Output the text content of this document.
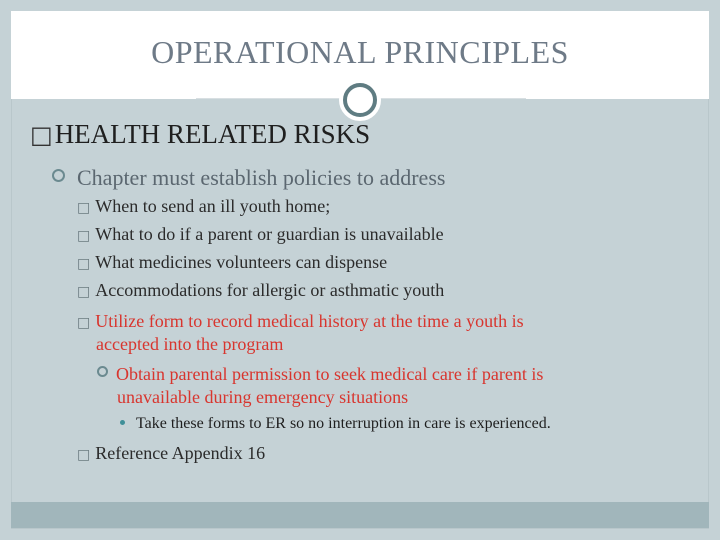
OPERATIONAL PRINCIPLES
□HEALTH RELATED RISKS
Chapter must establish policies to address
□ When to send an ill youth home;
□ What to do if a parent or guardian is unavailable
□ What medicines volunteers can dispense
□ Accommodations for allergic or asthmatic youth
□ Utilize form to record medical history at the time a youth is
accepted into the program
Obtain parental permission to seek medical care if parent is
unavailable during emergency situations
Take these forms to ER so no interruption in care is experienced.
□ Reference Appendix 16
